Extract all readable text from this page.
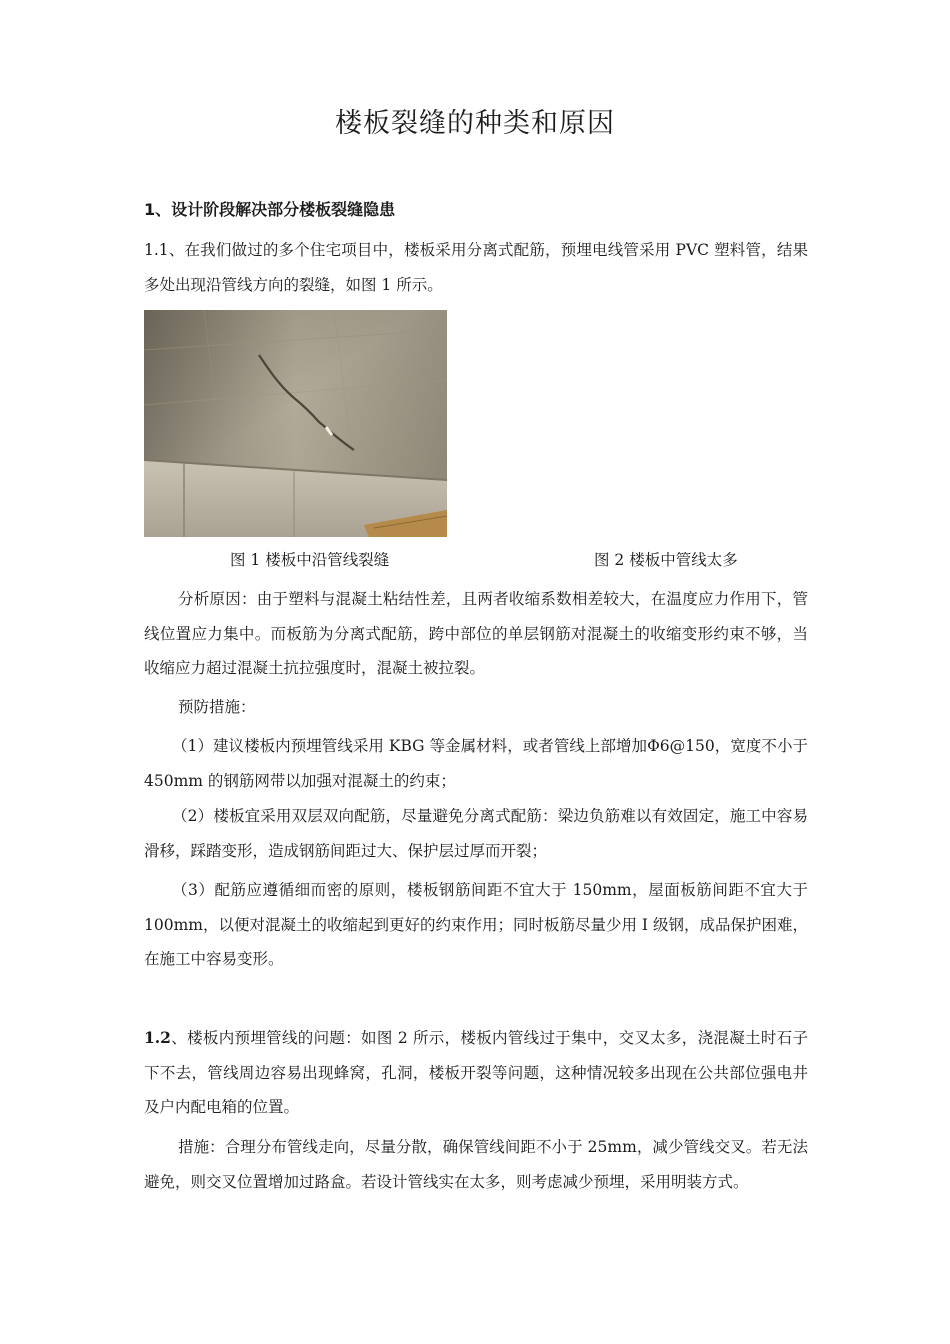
楼板裂缝的种类和原因
1、设计阶段解决部分楼板裂缝隐患
1.1、在我们做过的多个住宅项目中，楼板采用分离式配筋，预埋电线管采用 PVC 塑料管，结果多处出现沿管线方向的裂缝，如图 1 所示。
图 1 楼板中沿管线裂缝	图 2 楼板中管线太多
分析原因：由于塑料与混凝土粘结性差，且两者收缩系数相差较大，在温度应力作用下，管线位置应力集中。而板筋为分离式配筋，跨中部位的单层钢筋对混凝土的收缩变形约束不够，当收缩应力超过混凝土抗拉强度时，混凝土被拉裂。
预防措施：
（1）建议楼板内预埋管线采用 KBG 等金属材料，或者管线上部增加Φ6@150，宽度不小于 450mm 的钢筋网带以加强对混凝土的约束；
（2）楼板宜采用双层双向配筋，尽量避免分离式配筋：梁边负筋难以有效固定，施工中容易滑移，踩踏变形，造成钢筋间距过大、保护层过厚而开裂；
（3）配筋应遵循细而密的原则，楼板钢筋间距不宜大于 150mm，屋面板筋间距不宜大于 100mm，以便对混凝土的收缩起到更好的约束作用；同时板筋尽量少用 I 级钢，成品保护困难，在施工中容易变形。
1.2、楼板内预埋管线的问题：如图 2 所示，楼板内管线过于集中，交叉太多，浇混凝土时石子下不去，管线周边容易出现蜂窝，孔洞，楼板开裂等问题，这种情况较多出现在公共部位强电井及户内配电箱的位置。
措施：合理分布管线走向，尽量分散，确保管线间距不小于 25mm，减少管线交叉。若无法避免，则交叉位置增加过路盒。若设计管线实在太多，则考虑减少预埋，采用明装方式。
